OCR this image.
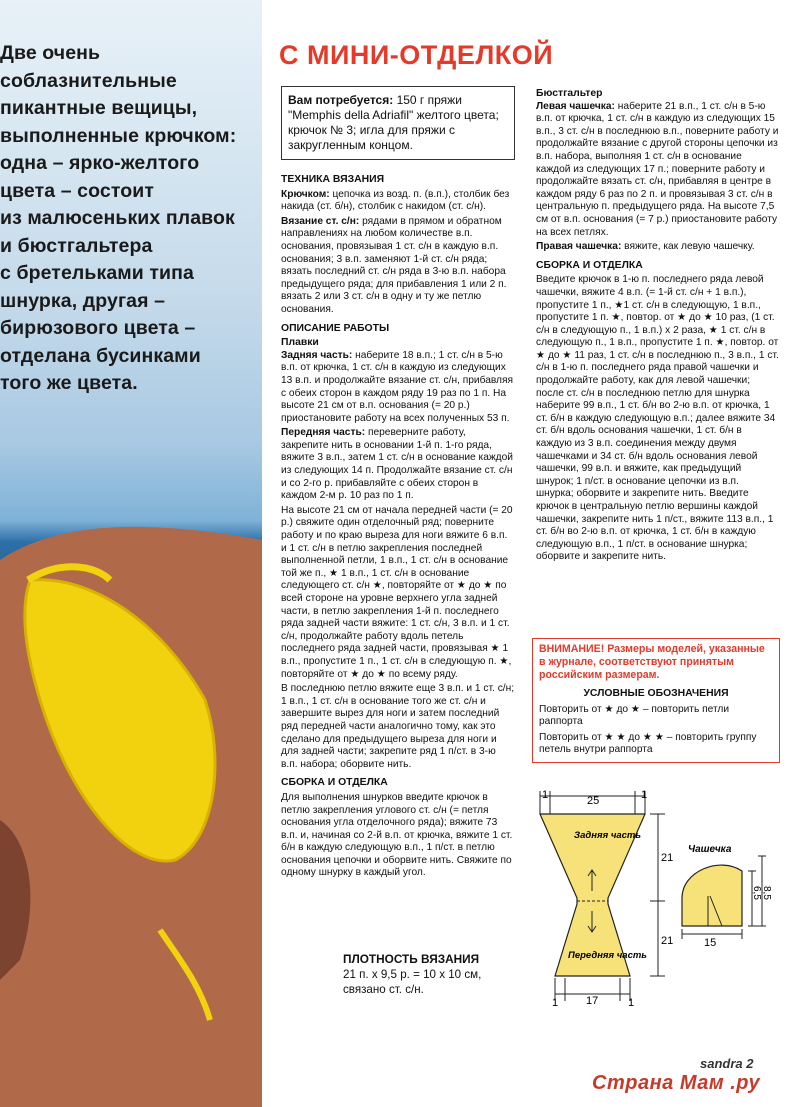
Две очень
соблазнительные
пикантные вещицы,
выполненные крючком:
одна – ярко-желтого
цвета – состоит
из малюсеньких плавок
и бюстгальтера
с бретельками типа
шнурка, другая –
бирюзового цвета –
отделана бусинками
того же цвета.
С МИНИ-ОТДЕЛКОЙ
Вам потребуется: 150 г пряжи "Memphis della Adriafil" желтого цвета; крючок № 3; игла для пряжи с закругленным концом.
ТЕХНИКА ВЯЗАНИЯ
Крючком: цепочка из возд. п. (в.п.), столбик без накида (ст. б/н), столбик с накидом (ст. с/н).
Вязание ст. с/н: рядами в прямом и обратном направлениях на любом количестве в.п. основания, провязывая 1 ст. с/н в каждую в.п. основания; 3 в.п. заменяют 1-й ст. с/н ряда; вязать последний ст. с/н ряда в 3-ю в.п. набора предыдущего ряда; для прибавления 1 или 2 п. вязать 2 или 3 ст. с/н в одну и ту же петлю основания.
ОПИСАНИЕ РАБОТЫ
Плавки
Задняя часть: наберите 18 в.п.; 1 ст. с/н в 5-ю в.п. от крючка, 1 ст. с/н в каждую из следующих 13 в.п. и продолжайте вязание ст. с/н, прибавляя с обеих сторон в каждом ряду 19 раз по 1 п. На высоте 21 см от в.п. основания (= 20 р.) приостановите работу на всех полученных 53 п.
Передняя часть: переверните работу, закрепите нить в основании 1-й п. 1-го ряда, вяжите 3 в.п., затем 1 ст. с/н в основание каждой из следующих 14 п. Продолжайте вязание ст. с/н и со 2-го р. прибавляйте с обеих сторон в каждом 2-м р. 10 раз по 1 п.
На высоте 21 см от начала передней части (= 20 р.) свяжите один отделочный ряд; поверните работу и по краю выреза для ноги вяжите 6 в.п. и 1 ст. с/н в петлю закрепления последней выполненной петли, 1 в.п., 1 ст. с/н в основание той же п., ★ 1 в.п., 1 ст. с/н в основание следующего ст. с/н ★, повторяйте от ★ до ★ по всей стороне на уровне верхнего угла задней части, в петлю закрепления 1-й п. последнего ряда задней части вяжите: 1 ст. с/н, 3 в.п. и 1 ст. с/н, продолжайте работу вдоль петель последнего ряда задней части, провязывая ★ 1 в.п., пропустите 1 п., 1 ст. с/н в следующую п. ★, повторяйте от ★ до ★ по всему ряду.
В последнюю петлю вяжите еще 3 в.п. и 1 ст. с/н; 1 в.п., 1 ст. с/н в основание того же ст. с/н и завершите вырез для ноги и затем последний ряд передней части аналогично тому, как это сделано для предыдущего выреза для ноги и для задней части; закрепите ряд 1 п/ст. в 3-ю в.п. набора; оборвите нить.
СБОРКА И ОТДЕЛКА
Для выполнения шнурков введите крючок в петлю закрепления углового ст. с/н (= петля основания угла отделочного ряда); вяжите 73 в.п. и, начиная со 2-й в.п. от крючка, вяжите 1 ст. б/н в каждую следующую в.п., 1 п/ст. в петлю основания цепочки и оборвите нить. Свяжите по одному шнурку в каждый угол.
Бюстгальтер
Левая чашечка: наберите 21 в.п., 1 ст. с/н в 5-ю в.п. от крючка, 1 ст. с/н в каждую из следующих 15 в.п., 3 ст. с/н в последнюю в.п., поверните работу и продолжайте вязание с другой стороны цепочки из в.п. набора, выполняя 1 ст. с/н в основание каждой из следующих 17 п.; поверните работу и продолжайте вязать ст. с/н, прибавляя в центре в каждом ряду 6 раз по 2 п. и провязывая 3 ст. с/н в центральную п. предыдущего ряда. На высоте 7,5 см от в.п. основания (= 7 р.) приостановите работу на всех петлях.
Правая чашечка: вяжите, как левую чашечку.
СБОРКА И ОТДЕЛКА
Введите крючок в 1-ю п. последнего ряда левой чашечки, вяжите 4 в.п. (= 1-й ст. с/н + 1 в.п.), пропустите 1 п., ★1 ст. с/н в следующую, 1 в.п., пропустите 1 п. ★, повтор. от ★ до ★ 10 раз, (1 ст. с/н в следующую п., 1 в.п.) х 2 раза, ★ 1 ст. с/н в следующую п., 1 в.п., пропустите 1 п. ★, повтор. от ★ до ★ 11 раз, 1 ст. с/н в последнюю п., 3 в.п., 1 ст. с/н в 1-ю п. последнего ряда правой чашечки и продолжайте работу, как для левой чашечки; после ст. с/н в последнюю петлю для шнурка наберите 99 в.п., 1 ст. б/н во 2-ю в.п. от крючка, 1 ст. б/н в каждую следующую в.п.; далее вяжите 34 ст. б/н вдоль основания чашечки, 1 ст. б/н в каждую из 3 в.п. соединения между двумя чашечками и 34 ст. б/н вдоль основания левой чашечки, 99 в.п. и вяжите, как предыдущий шнурок; 1 п/ст. в основание цепочки из в.п. шнурка; оборвите и закрепите нить. Введите крючок в центральную петлю вершины каждой чашечки, закрепите нить 1 п/ст., вяжите 113 в.п., 1 ст. б/н во 2-ю в.п. от крючка, 1 ст. б/н в каждую следующую в.п., 1 п/ст. в основание шнурка; оборвите и закрепите нить.
ВНИМАНИЕ! Размеры моделей, указанные в журнале, соответствуют принятым российским размерам.
УСЛОВНЫЕ ОБОЗНАЧЕНИЯ
Повторить от ★ до ★ – повторить петли раппорта
Повторить от ★ ★ до ★ ★ – повторить группу петель внутри раппорта
ПЛОТНОСТЬ ВЯЗАНИЯ
21 п. х 9,5 р. = 10 х 10 см, связано ст. с/н.
1	25	1
Задняя часть
Передняя часть
21
21
1	17	1
Чашечка
15
6,5 8,5
sandra 2
Страна Мам .ру
